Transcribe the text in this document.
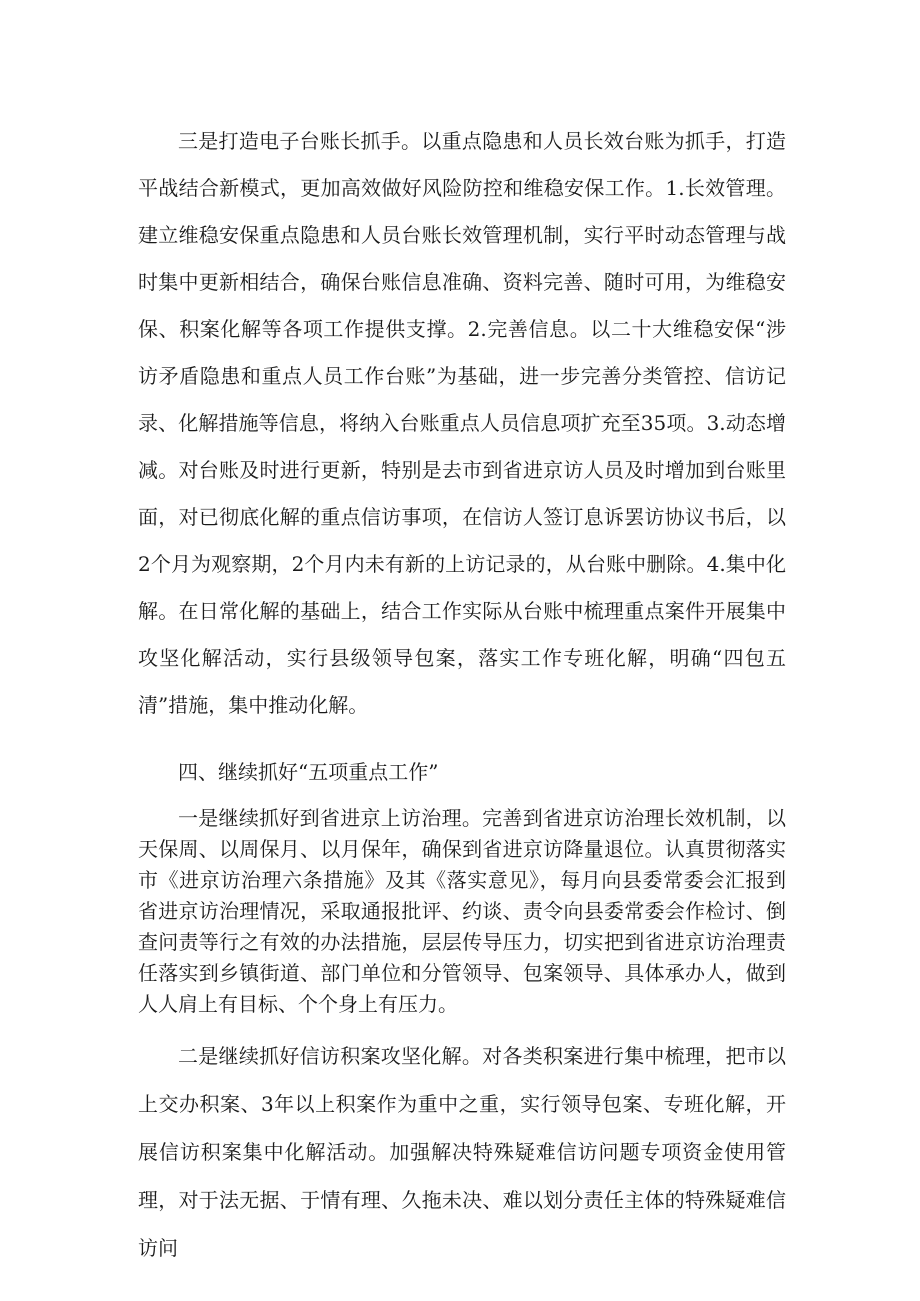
三是打造电子台账长抓手。以重点隐患和人员长效台账为抓手，打造平战结合新模式，更加高效做好风险防控和维稳安保工作。1.长效管理。建立维稳安保重点隐患和人员台账长效管理机制，实行平时动态管理与战时集中更新相结合，确保台账信息准确、资料完善、随时可用，为维稳安保、积案化解等各项工作提供支撑。2.完善信息。以二十大维稳安保“涉访矛盾隐患和重点人员工作台账”为基础，进一步完善分类管控、信访记录、化解措施等信息，将纳入台账重点人员信息项扩充至35项。3.动态增减。对台账及时进行更新，特别是去市到省进京访人员及时增加到台账里面，对已彻底化解的重点信访事项，在信访人签订息诉罢访协议书后，以2个月为观察期，2个月内未有新的上访记录的，从台账中删除。4.集中化解。在日常化解的基础上，结合工作实际从台账中梳理重点案件开展集中攻坚化解活动，实行县级领导包案，落实工作专班化解，明确“四包五清”措施，集中推动化解。

四、继续抓好“五项重点工作”

一是继续抓好到省进京上访治理。完善到省进京访治理长效机制，以天保周、以周保月、以月保年，确保到省进京访降量退位。认真贯彻落实市《进京访治理六条措施》及其《落实意见》，每月向县委常委会汇报到省进京访治理情况，采取通报批评、约谈、责令向县委常委会作检讨、倒查问责等行之有效的办法措施，层层传导压力，切实把到省进京访治理责任落实到乡镇街道、部门单位和分管领导、包案领导、具体承办人，做到人人肩上有目标、个个身上有压力。

二是继续抓好信访积案攻坚化解。对各类积案进行集中梳理，把市以上交办积案、3年以上积案作为重中之重，实行领导包案、专班化解，开展信访积案集中化解活动。加强解决特殊疑难信访问题专项资金使用管理，对于法无据、于情有理、久拖未决、难以划分责任主体的特殊疑难信访问
